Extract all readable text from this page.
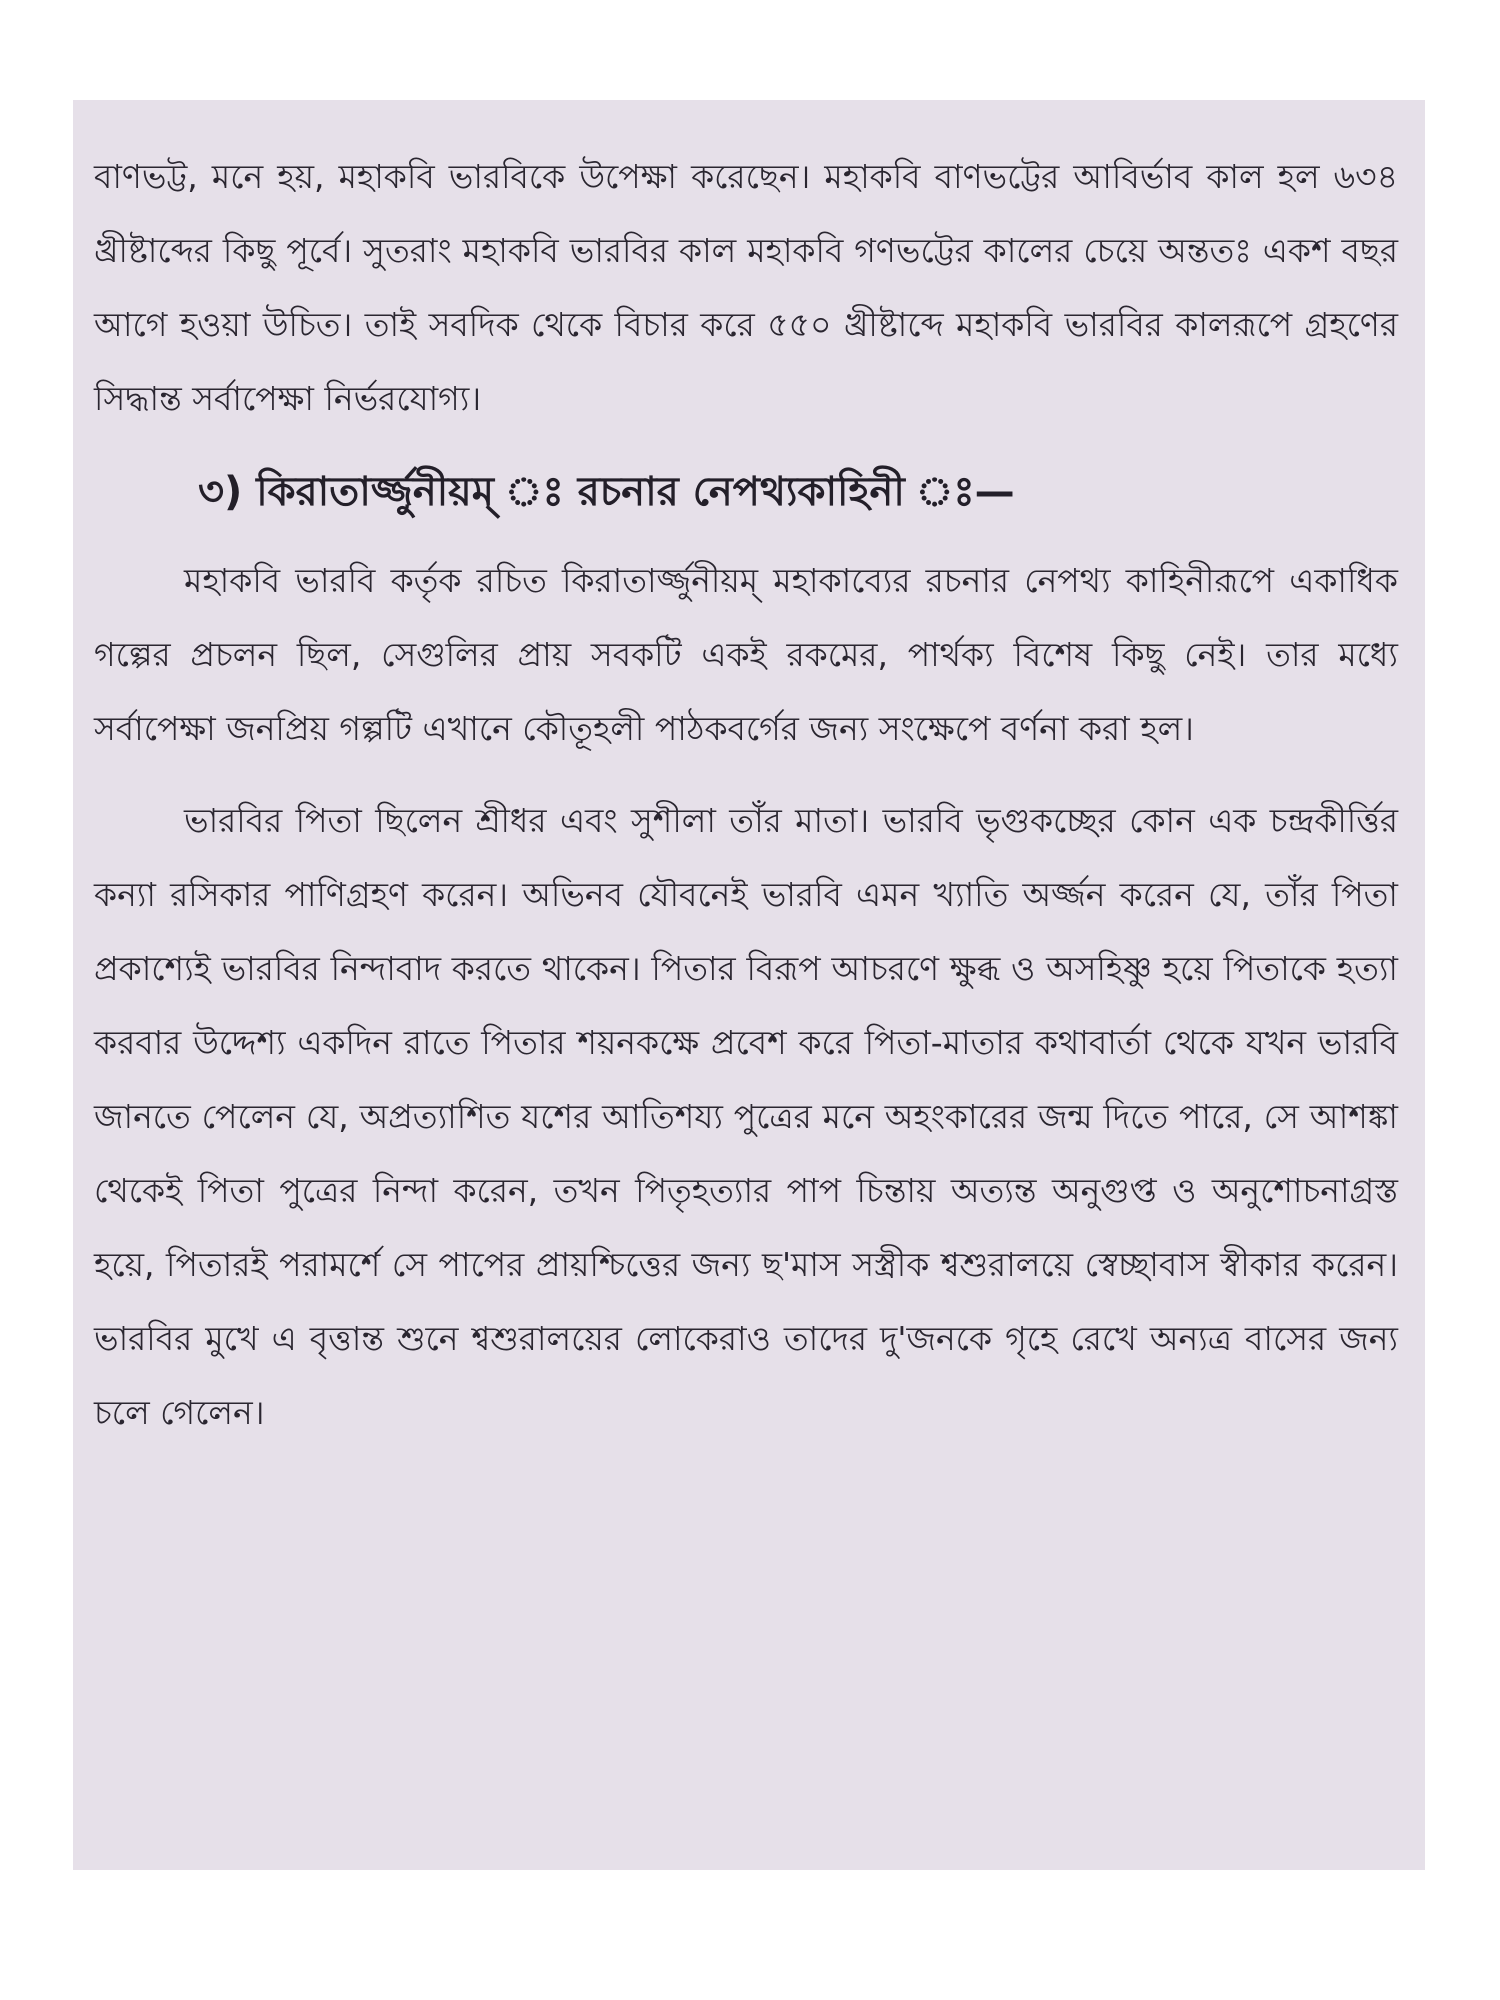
বাণভট্ট, মনে হয়, মহাকবি ভারবিকে উপেক্ষা করেছেন। মহাকবি বাণভট্টের আবির্ভাব কাল হল ৬৩৪ খ্রীষ্টাব্দের কিছু পূর্বে। সুতরাং মহাকবি ভারবির কাল মহাকবি গণভট্টের কালের চেয়ে অন্ততঃ একশ বছর আগে হওয়া উচিত। তাই সবদিক থেকে বিচার করে ৫৫০ খ্রীষ্টাব্দে মহাকবি ভারবির কালরূপে গ্রহণের সিদ্ধান্ত সর্বাপেক্ষা নির্ভরযোগ্য।

৩) কিরাতার্জ্জুনীয়ম্ ঃ রচনার নেপথ্যকাহিনী ঃ—

মহাকবি ভারবি কর্তৃক রচিত কিরাতার্জ্জুনীয়ম্ মহাকাব্যের রচনার নেপথ্য কাহিনীরূপে একাধিক গল্পের প্রচলন ছিল, সেগুলির প্রায় সবকটি একই রকমের, পার্থক্য বিশেষ কিছু নেই। তার মধ্যে সর্বাপেক্ষা জনপ্রিয় গল্পটি এখানে কৌতূহলী পাঠকবর্গের জন্য সংক্ষেপে বর্ণনা করা হল।

ভারবির পিতা ছিলেন শ্রীধর এবং সুশীলা তাঁর মাতা। ভারবি ভৃগুকচ্ছের কোন এক চন্দ্রকীর্ত্তির কন্যা রসিকার পাণিগ্রহণ করেন। অভিনব যৌবনেই ভারবি এমন খ্যাতি অর্জ্জন করেন যে, তাঁর পিতা প্রকাশ্যেই ভারবির নিন্দাবাদ করতে থাকেন। পিতার বিরূপ আচরণে ক্ষুব্ধ ও অসহিষ্ণু হয়ে পিতাকে হত্যা করবার উদ্দেশ্য একদিন রাতে পিতার শয়নকক্ষে প্রবেশ করে পিতা-মাতার কথাবার্তা থেকে যখন ভারবি জানতে পেলেন যে, অপ্রত্যাশিত যশের আতিশয্য পুত্রের মনে অহংকারের জন্ম দিতে পারে, সে আশঙ্কা থেকেই পিতা পুত্রের নিন্দা করেন, তখন পিতৃহত্যার পাপ চিন্তায় অত্যন্ত অনুগুপ্ত ও অনুশোচনাগ্রস্ত হয়ে, পিতারই পরামর্শে সে পাপের প্রায়শ্চিত্তের জন্য ছ'মাস সস্ত্রীক শ্বশুরালয়ে স্বেচ্ছাবাস স্বীকার করেন। ভারবির মুখে এ বৃত্তান্ত শুনে শ্বশুরালয়ের লোকেরাও তাদের দু'জনকে গৃহে রেখে অন্যত্র বাসের জন্য চলে গেলেন।
